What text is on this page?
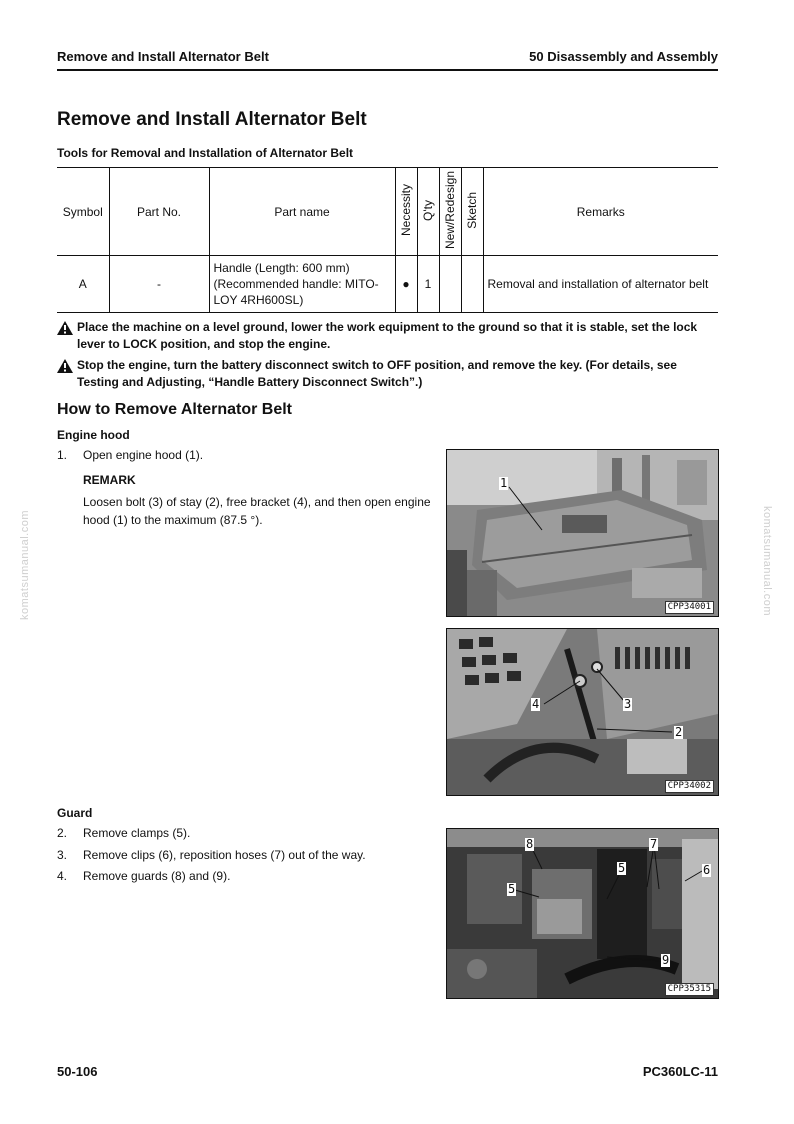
Remove and Install Alternator Belt	50 Disassembly and Assembly
komatsumanual.com	komatsumanual.com
Remove and Install Alternator Belt
Tools for Removal and Installation of Alternator Belt
Symbol	Part No.	Part name	Necessity	Q'ty	New/Redesign	Sketch	Remarks
A	-	Handle (Length: 600 mm) (Recommended handle: MITO-LOY 4RH600SL)	●	1			Removal and installation of alternator belt
Place the machine on a level ground, lower the work equipment to the ground so that it is stable, set the lock lever to LOCK position, and stop the engine.
Stop the engine, turn the battery disconnect switch to OFF position, and remove the key. (For details, see Testing and Adjusting, “Handle Battery Disconnect Switch”.)
How to Remove Alternator Belt
Engine hood
1. Open engine hood (1).
REMARK
Loosen bolt (3) of stay (2), free bracket (4), and then open engine hood (1) to the maximum (87.5 °).
Guard
2. Remove clamps (5).
3. Remove clips (6), reposition hoses (7) out of the way.
4. Remove guards (8) and (9).
1
CPP34001
4	3
2
CPP34002
8
5
5
7
6
9
CPP35315
50-106	PC360LC-11
